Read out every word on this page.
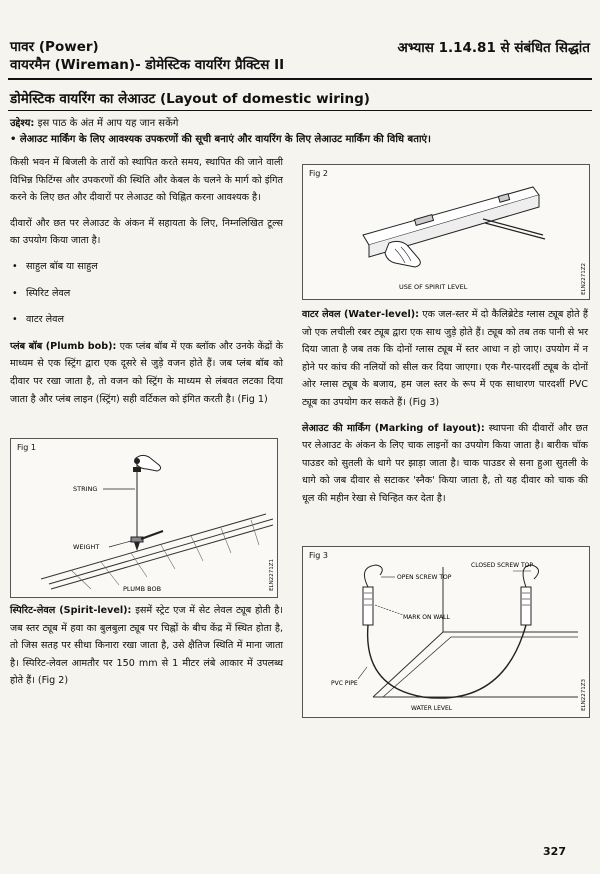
पावर (Power)
वायरमैन (Wireman)- डोमेस्टिक वायरिंग प्रैक्टिस II
अभ्यास 1.14.81 से संबंधित सिद्धांत
डोमेस्टिक वायरिंग का लेआउट (Layout of domestic wiring)
उद्देश्य: इस पाठ के अंत में आप यह जान सकेंगे
• लेआउट मार्किंग के लिए आवश्यक उपकरणों की सूची बनाएं और वायरिंग के लिए लेआउट मार्किंग की विधि बताएं।

किसी भवन में बिजली के तारों को स्थापित करते समय, स्थापित की जाने वाली विभिन्न फिटिंग्स और उपकरणों की स्थिति और केबल के चलने के मार्ग को इंगित करने के लिए छत और दीवारों पर लेआउट को चिह्नित करना आवश्यक है।

दीवारों और छत पर लेआउट के अंकन में सहायता के लिए, निम्नलिखित टूल्स का उपयोग किया जाता है।

• साहुल बॉब या साहुल
• स्पिरिट लेवल
• वाटर लेवल

प्लंब बॉब (Plumb bob): एक प्लंब बॉब में एक ब्लॉक और उनके केंद्रों के माध्यम से एक स्ट्रिंग द्वारा एक दूसरे से जुड़े वजन होते हैं। जब प्लंब बॉब को दीवार पर रखा जाता है, तो वजन को स्ट्रिंग के माध्यम से लंबवत लटका दिया जाता है और प्लंब लाइन (स्ट्रिंग) सही वर्टिकल को इंगित करती है। (Fig 1)

Fig 1
STRING
WEIGHT
PLUMB BOB	ELN2271Z1

स्पिरिट-लेवल (Spirit-level): इसमें स्ट्रेट एज में सेट लेवल ट्यूब होती है। जब स्तर ट्यूब में हवा का बुलबुला ट्यूब पर चिह्नों के बीच केंद्र में स्थित होता है, तो जिस सतह पर सीधा किनारा रखा जाता है, उसे क्षैतिज स्थिति में माना जाता है। स्पिरिट-लेवल आमतौर पर 150 mm से 1 मीटर लंबे आकार में उपलब्ध होते हैं। (Fig 2)

Fig 2
USE OF SPIRIT LEVEL	ELN2271Z2

वाटर लेवल (Water-level): एक जल-स्तर में दो कैलिब्रेटेड ग्लास ट्यूब होते हैं जो एक लचीली रबर ट्यूब द्वारा एक साथ जुड़े होते हैं। ट्यूब को तब तक पानी से भर दिया जाता है जब तक कि दोनों ग्लास ट्यूब में स्तर आधा न हो जाए। उपयोग में न होने पर कांच की नलियों को सील कर दिया जाएगा। एक गैर-पारदर्शी ट्यूब के दोनों ओर ग्लास ट्यूब के बजाय, हम जल स्तर के रूप में एक साधारण पारदर्शी PVC ट्यूब का उपयोग कर सकते हैं। (Fig 3)

लेआउट की मार्किंग (Marking of layout): स्थापना की दीवारों और छत पर लेआउट के अंकन के लिए चाक लाइनों का उपयोग किया जाता है। बारीक चॉक पाउडर को सुतली के धागे पर झाड़ा जाता है। चाक पाउडर से सना हुआ सुतली के धागे को जब दीवार से सटाकर 'स्नैक' किया जाता है, तो यह दीवार को चाक की धूल की महीन रेखा से चिन्हित कर देता है।

Fig 3
OPEN SCREW TOP
CLOSED SCREW TOP
MARK ON WALL
PVC PIPE
WATER LEVEL	ELN2271Z3
327
